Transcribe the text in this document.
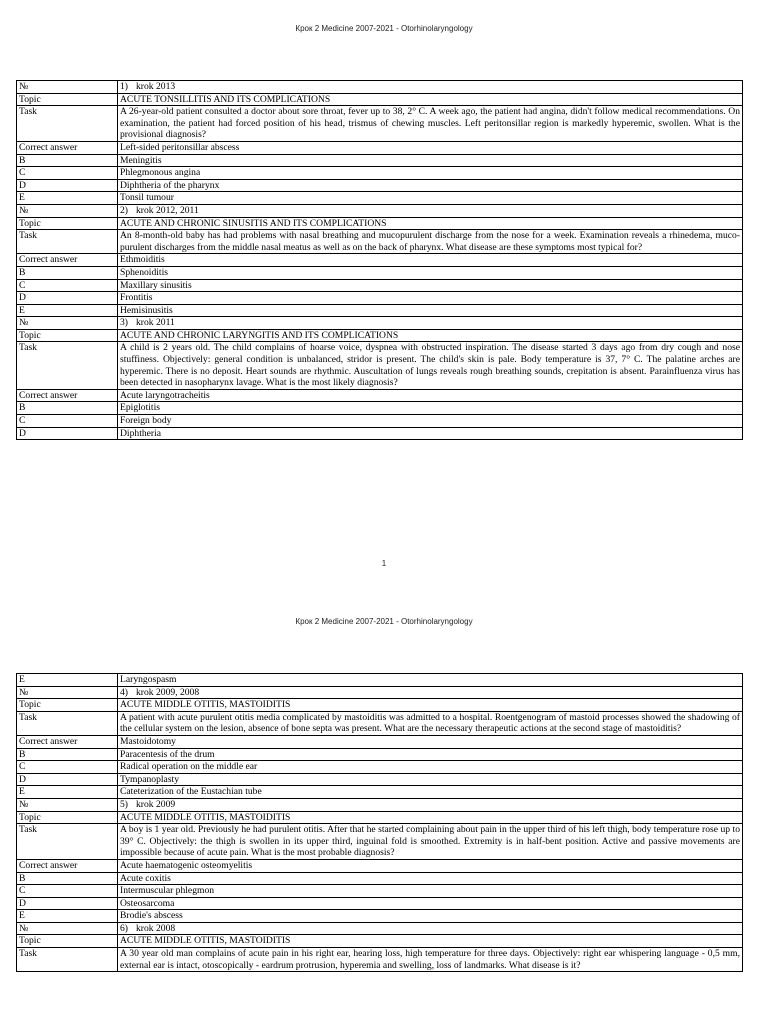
Крок 2 Medicine 2007-2021 - Otorhinolaryngology
№	1) krok 2013
Topic	ACUTE TONSILLITIS AND ITS COMPLICATIONS
Task	A 26-year-old patient consulted a doctor about sore throat, fever up to 38, 2° C. A week ago, the patient had angina, didn't follow medical recommendations. On examination, the patient had forced position of his head, trismus of chewing muscles. Left peritonsillar region is markedly hyperemic, swollen. What is the provisional diagnosis?
Correct answer	Left-sided peritonsillar abscess
B	Meningitis
C	Phlegmonous angina
D	Diphtheria of the pharynx
E	Tonsil tumour
№	2) krok 2012, 2011
Topic	ACUTE AND CHRONIC SINUSITIS AND ITS COMPLICATIONS
Task	An 8-month-old baby has had problems with nasal breathing and mucopurulent discharge from the nose for a week. Examination reveals a rhinedema, muco-purulent discharges from the middle nasal meatus as well as on the back of pharynx. What disease are these symptoms most typical for?
Correct answer	Ethmoiditis
B	Sphenoiditis
C	Maxillary sinusitis
D	Frontitis
E	Hemisinusitis
№	3) krok 2011
Topic	ACUTE AND CHRONIC LARYNGITIS AND ITS COMPLICATIONS
Task	A child is 2 years old. The child complains of hoarse voice, dyspnea with obstructed inspiration. The disease started 3 days ago from dry cough and nose stuffiness. Objectively: general condition is unbalanced, stridor is present. The child's skin is pale. Body temperature is 37, 7° C. The palatine arches are hyperemic. There is no deposit. Heart sounds are rhythmic. Auscultation of lungs reveals rough breathing sounds, crepitation is absent. Parainfluenza virus has been detected in nasopharynx lavage. What is the most likely diagnosis?
Correct answer	Acute laryngotracheitis
B	Epiglotitis
C	Foreign body
D	Diphtheria
1
Крок 2 Medicine 2007-2021 - Otorhinolaryngology
E	Laryngospasm
№	4) krok 2009, 2008
Topic	ACUTE MIDDLE OTITIS, MASTOIDITIS
Task	A patient with acute purulent otitis media complicated by mastoiditis was admitted to a hospital. Roentgenogram of mastoid processes showed the shadowing of the cellular system on the lesion, absence of bone septa was present. What are the necessary therapeutic actions at the second stage of mastoiditis?
Correct answer	Mastoidotomy
B	Paracentesis of the drum
C	Radical operation on the middle ear
D	Tympanoplasty
E	Cateterization of the Eustachian tube
№	5) krok 2009
Topic	ACUTE MIDDLE OTITIS, MASTOIDITIS
Task	A boy is 1 year old. Previously he had purulent otitis. After that he started complaining about pain in the upper third of his left thigh, body temperature rose up to 39° C. Objectively: the thigh is swollen in its upper third, inguinal fold is smoothed. Extremity is in half-bent position. Active and passive movements are impossible because of acute pain. What is the most probable diagnosis?
Correct answer	Acute haematogenic osteomyelitis
B	Acute coxitis
C	Intermuscular phlegmon
D	Osteosarcoma
E	Brodie's abscess
№	6) krok 2008
Topic	ACUTE MIDDLE OTITIS, MASTOIDITIS
Task	A 30 year old man complains of acute pain in his right ear, hearing loss, high temperature for three days. Objectively: right ear whispering language - 0,5 mm, external ear is intact, otoscopically - eardrum protrusion, hyperemia and swelling, loss of landmarks. What disease is it?
